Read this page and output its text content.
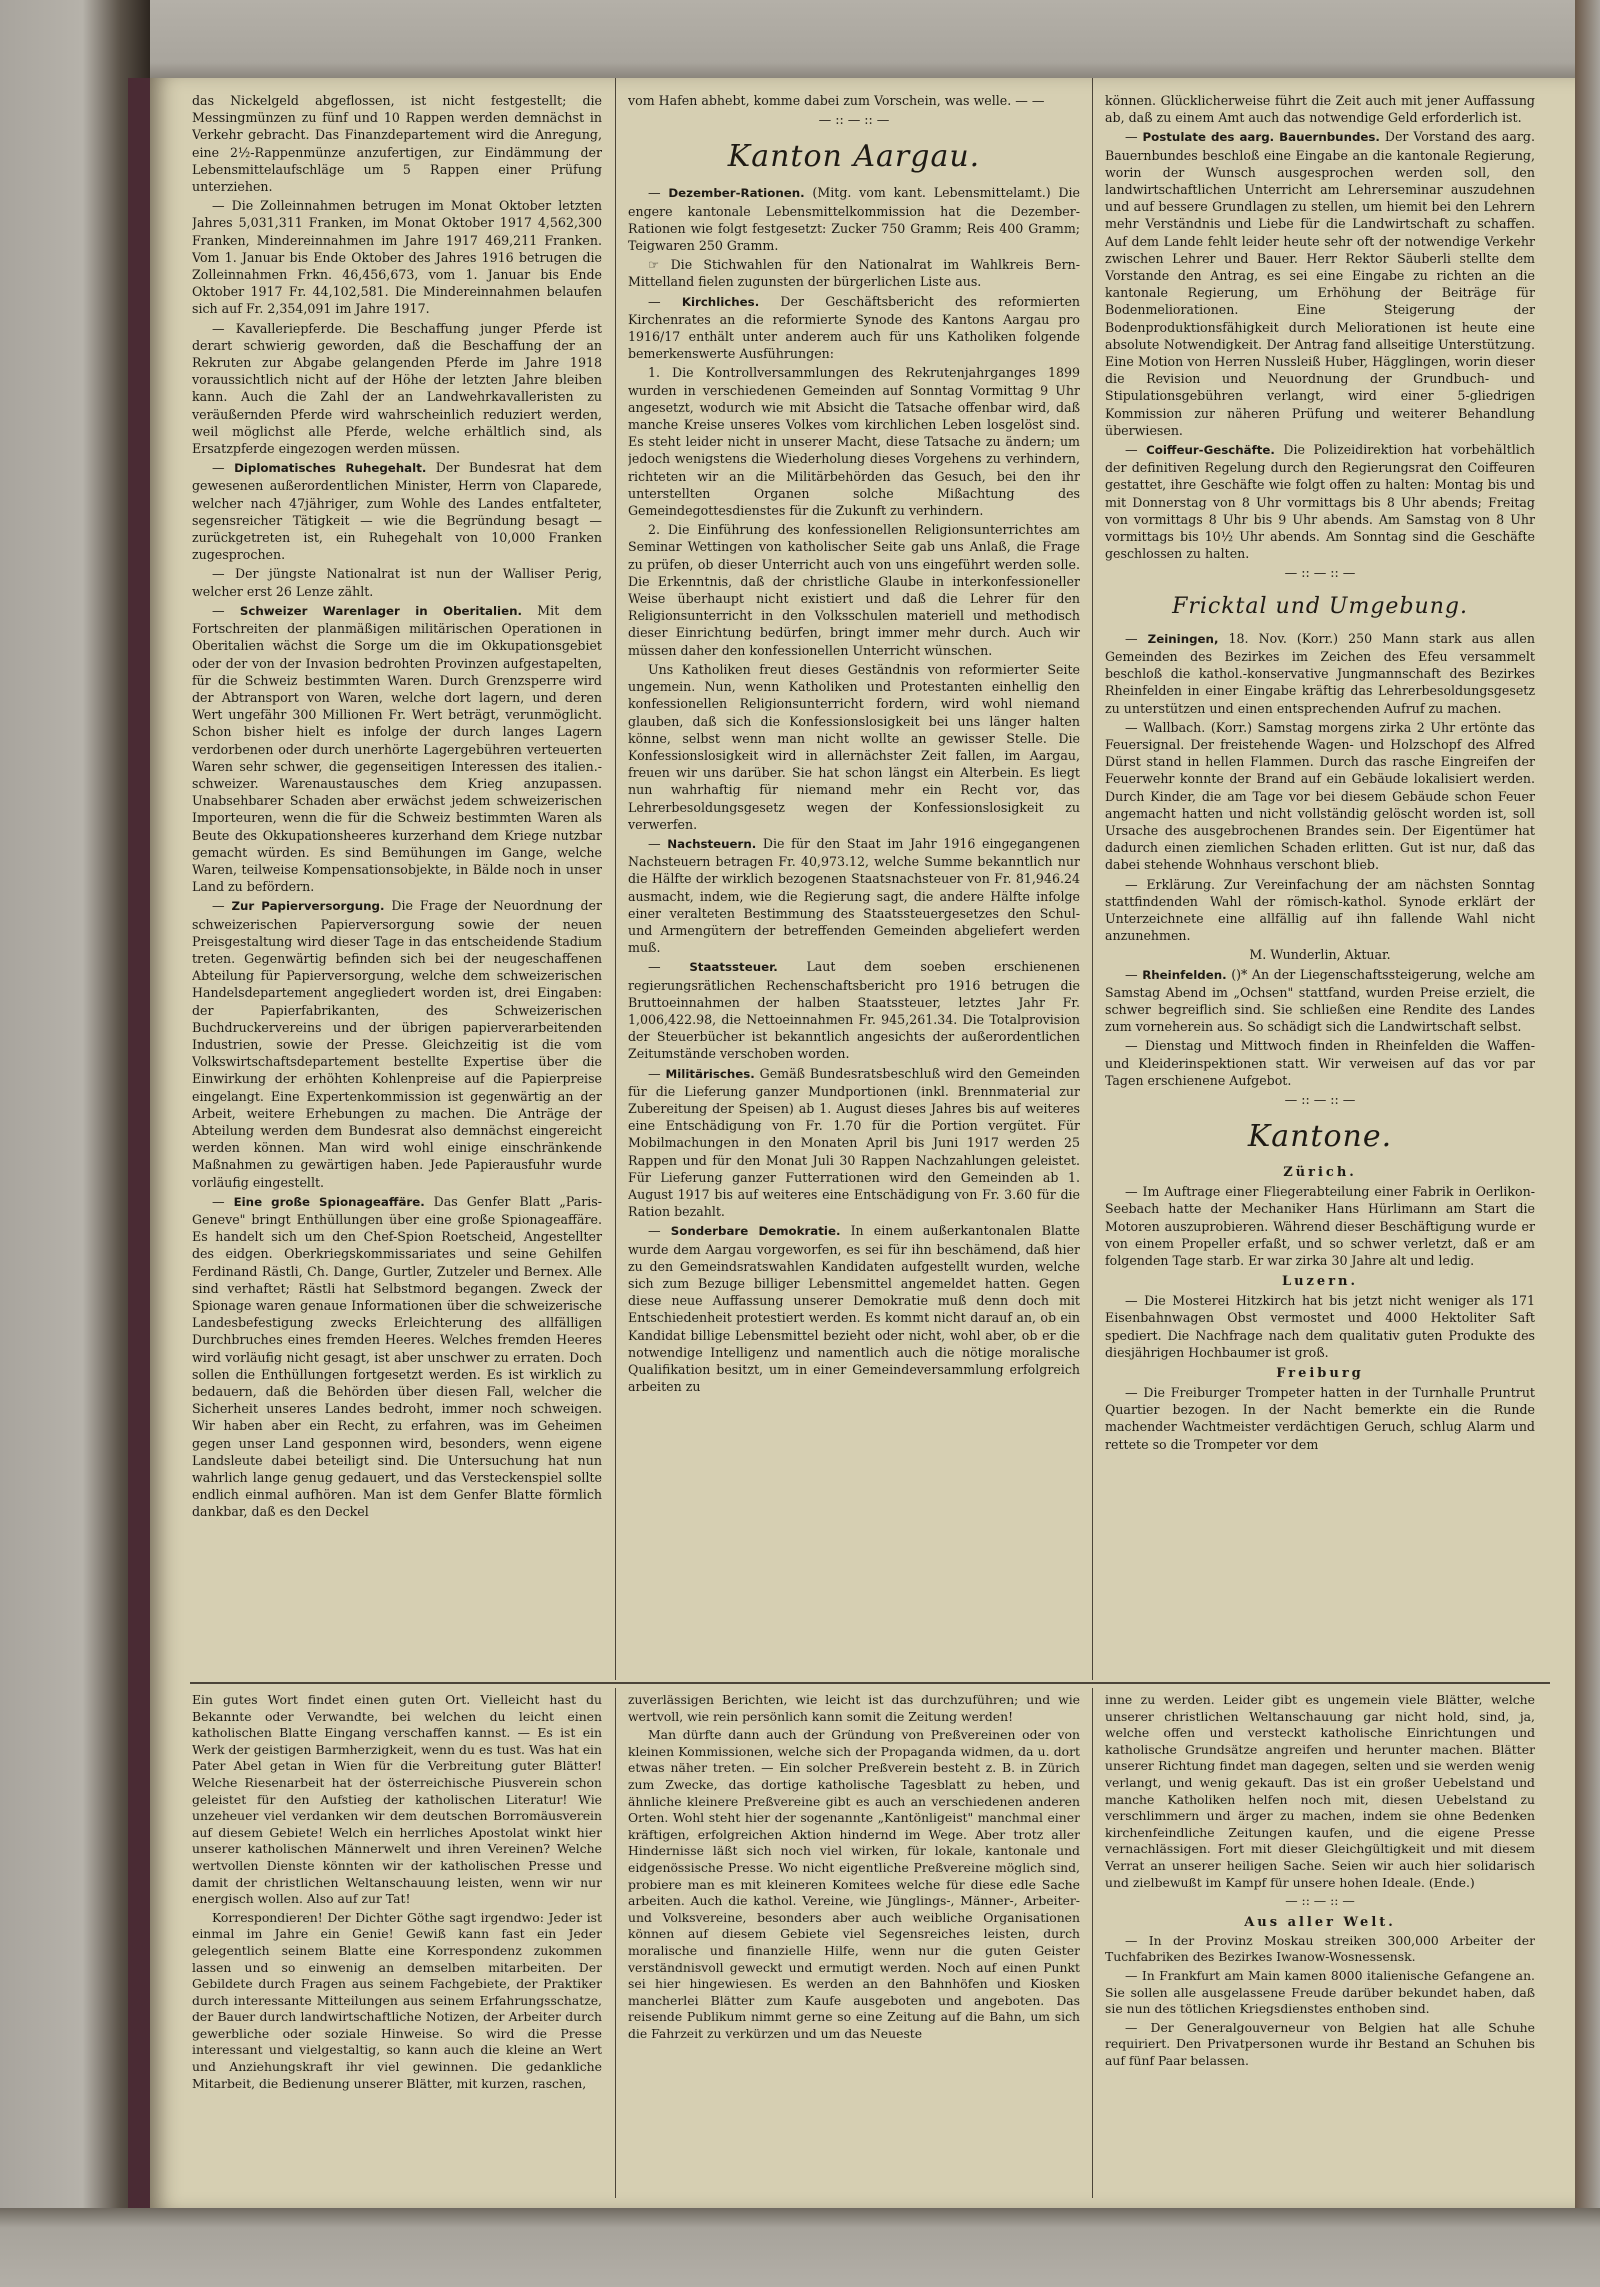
das Nickelgeld abgeflossen, ist nicht festgestellt; die Messingmünzen zu fünf und 10 Rappen werden demnächst in Verkehr gebracht. Das Finanzdepartement wird die Anregung, eine 2½-Rappenmünze anzufertigen, zur Eindämmung der Lebensmittelaufschläge um 5 Rappen einer Prüfung unterziehen.

— Die Zolleinnahmen betrugen im Monat Oktober letzten Jahres 5,031,311 Franken, im Monat Oktober 1917 4,562,300 Franken, Mindereinnahmen im Jahre 1917 469,211 Franken. Vom 1. Januar bis Ende Oktober des Jahres 1916 betrugen die Zolleinnahmen Frkn. 46,456,673, vom 1. Januar bis Ende Oktober 1917 Fr. 44,102,581. Die Mindereinnahmen belaufen sich auf Fr. 2,354,091 im Jahre 1917.

— Kavalleriepferde. Die Beschaffung junger Pferde ist derart schwierig geworden, daß die Beschaffung der an Rekruten zur Abgabe gelangenden Pferde im Jahre 1918 voraussichtlich nicht auf der Höhe der letzten Jahre bleiben kann. Auch die Zahl der an Landwehrkavalleristen zu veräußernden Pferde wird wahrscheinlich reduziert werden, weil möglichst alle Pferde, welche erhältlich sind, als Ersatzpferde eingezogen werden müssen.

— Diplomatisches Ruhegehalt. Der Bundesrat hat dem gewesenen außerordentlichen Minister, Herrn von Claparede, welcher nach 47jähriger, zum Wohle des Landes entfalteter, segensreicher Tätigkeit — wie die Begründung besagt — zurückgetreten ist, ein Ruhegehalt von 10,000 Franken zugesprochen.

— Der jüngste Nationalrat ist nun der Walliser Perig, welcher erst 26 Lenze zählt.

— Schweizer Warenlager in Oberitalien. Mit dem Fortschreiten der planmäßigen militärischen Operationen in Oberitalien wächst die Sorge um die im Okkupationsgebiet oder der von der Invasion bedrohten Provinzen aufgestapelten, für die Schweiz bestimmten Waren. Durch Grenzsperre wird der Abtransport von Waren, welche dort lagern, und deren Wert ungefähr 300 Millionen Fr. Wert beträgt, verunmöglicht. Schon bisher hielt es infolge der durch langes Lagern verdorbenen oder durch unerhörte Lagergebühren verteuerten Waren sehr schwer, die gegenseitigen Interessen des italien.-schweizer. Warenaustausches dem Krieg anzupassen. Unabsehbarer Schaden aber erwächst jedem schweizerischen Importeuren, wenn die für die Schweiz bestimmten Waren als Beute des Okkupationsheeres kurzerhand dem Kriege nutzbar gemacht würden. Es sind Bemühungen im Gange, welche Waren, teilweise Kompensationsobjekte, in Bälde noch in unser Land zu befördern.

— Zur Papierversorgung. Die Frage der Neuordnung der schweizerischen Papierversorgung sowie der neuen Preisgestaltung wird dieser Tage in das entscheidende Stadium treten. Gegenwärtig befinden sich bei der neugeschaffenen Abteilung für Papierversorgung, welche dem schweizerischen Handelsdepartement angegliedert worden ist, drei Eingaben: der Papierfabrikanten, des Schweizerischen Buchdruckervereins und der übrigen papierverarbeitenden Industrien, sowie der Presse. Gleichzeitig ist die vom Volkswirtschaftsdepartement bestellte Expertise über die Einwirkung der erhöhten Kohlenpreise auf die Papierpreise eingelangt. Eine Expertenkommission ist gegenwärtig an der Arbeit, weitere Erhebungen zu machen. Die Anträge der Abteilung werden dem Bundesrat also demnächst eingereicht werden können. Man wird wohl einige einschränkende Maßnahmen zu gewärtigen haben. Jede Papierausfuhr wurde vorläufig eingestellt.

— Eine große Spionageaffäre. Das Genfer Blatt „Paris-Geneve" bringt Enthüllungen über eine große Spionageaffäre. Es handelt sich um den Chef-Spion Roetscheid, Angestellter des eidgen. Oberkriegskommissariates und seine Gehilfen Ferdinand Rästli, Ch. Dange, Gurtler, Zutzeler und Bernex. Alle sind verhaftet; Rästli hat Selbstmord begangen. Zweck der Spionage waren genaue Informationen über die schweizerische Landesbefestigung zwecks Erleichterung des allfälligen Durchbruches eines fremden Heeres. Welches fremden Heeres wird vorläufig nicht gesagt, ist aber unschwer zu erraten. Doch sollen die Enthüllungen fortgesetzt werden. Es ist wirklich zu bedauern, daß die Behörden über diesen Fall, welcher die Sicherheit unseres Landes bedroht, immer noch schweigen. Wir haben aber ein Recht, zu erfahren, was im Geheimen gegen unser Land gesponnen wird, besonders, wenn eigene Landsleute dabei beteiligt sind. Die Untersuchung hat nun wahrlich lange genug gedauert, und das Versteckenspiel sollte endlich einmal aufhören. Man ist dem Genfer Blatte förmlich dankbar, daß es den Deckel

vom Hafen abhebt, komme dabei zum Vorschein, was welle. — —

— :: — :: —

Kanton Aargau.

— Dezember-Rationen. (Mitg. vom kant. Lebensmittelamt.) Die engere kantonale Lebensmittelkommission hat die Dezember-Rationen wie folgt festgesetzt: Zucker 750 Gramm; Reis 400 Gramm; Teigwaren 250 Gramm.

☞ Die Stichwahlen für den Nationalrat im Wahlkreis Bern-Mittelland fielen zugunsten der bürgerlichen Liste aus.

— Kirchliches. Der Geschäftsbericht des reformierten Kirchenrates an die reformierte Synode des Kantons Aargau pro 1916/17 enthält unter anderem auch für uns Katholiken folgende bemerkenswerte Ausführungen:

1. Die Kontrollversammlungen des Rekrutenjahrganges 1899 wurden in verschiedenen Gemeinden auf Sonntag Vormittag 9 Uhr angesetzt, wodurch wie mit Absicht die Tatsache offenbar wird, daß manche Kreise unseres Volkes vom kirchlichen Leben losgelöst sind. Es steht leider nicht in unserer Macht, diese Tatsache zu ändern; um jedoch wenigstens die Wiederholung dieses Vorgehens zu verhindern, richteten wir an die Militärbehörden das Gesuch, bei den ihr unterstellten Organen solche Mißachtung des Gemeindegottesdienstes für die Zukunft zu verhindern.

2. Die Einführung des konfessionellen Religionsunterrichtes am Seminar Wettingen von katholischer Seite gab uns Anlaß, die Frage zu prüfen, ob dieser Unterricht auch von uns eingeführt werden solle. Die Erkenntnis, daß der christliche Glaube in interkonfessioneller Weise überhaupt nicht existiert und daß die Lehrer für den Religionsunterricht in den Volksschulen materiell und methodisch dieser Einrichtung bedürfen, bringt immer mehr durch. Auch wir müssen daher den konfessionellen Unterricht wünschen.

Uns Katholiken freut dieses Geständnis von reformierter Seite ungemein. Nun, wenn Katholiken und Protestanten einhellig den konfessionellen Religionsunterricht fordern, wird wohl niemand glauben, daß sich die Konfessionslosigkeit bei uns länger halten könne, selbst wenn man nicht wollte an gewisser Stelle. Die Konfessionslosigkeit wird in allernächster Zeit fallen, im Aargau, freuen wir uns darüber. Sie hat schon längst ein Alterbein. Es liegt nun wahrhaftig für niemand mehr ein Recht vor, das Lehrerbesoldungsgesetz wegen der Konfessionslosigkeit zu verwerfen.

— Nachsteuern. Die für den Staat im Jahr 1916 eingegangenen Nachsteuern betragen Fr. 40,973.12, welche Summe bekanntlich nur die Hälfte der wirklich bezogenen Staatsnachsteuer von Fr. 81,946.24 ausmacht, indem, wie die Regierung sagt, die andere Hälfte infolge einer veralteten Bestimmung des Staatssteuergesetzes den Schul- und Armengütern der betreffenden Gemeinden abgeliefert werden muß.

— Staatssteuer. Laut dem soeben erschienenen regierungsrätlichen Rechenschaftsbericht pro 1916 betrugen die Bruttoeinnahmen der halben Staatssteuer, letztes Jahr Fr. 1,006,422.98, die Nettoeinnahmen Fr. 945,261.34. Die Totalprovision der Steuerbücher ist bekanntlich angesichts der außerordentlichen Zeitumstände verschoben worden.

— Militärisches. Gemäß Bundesratsbeschluß wird den Gemeinden für die Lieferung ganzer Mundportionen (inkl. Brennmaterial zur Zubereitung der Speisen) ab 1. August dieses Jahres bis auf weiteres eine Entschädigung von Fr. 1.70 für die Portion vergütet. Für Mobilmachungen in den Monaten April bis Juni 1917 werden 25 Rappen und für den Monat Juli 30 Rappen Nachzahlungen geleistet. Für Lieferung ganzer Futterrationen wird den Gemeinden ab 1. August 1917 bis auf weiteres eine Entschädigung von Fr. 3.60 für die Ration bezahlt.

— Sonderbare Demokratie. In einem außerkantonalen Blatte wurde dem Aargau vorgeworfen, es sei für ihn beschämend, daß hier zu den Gemeindsratswahlen Kandidaten aufgestellt wurden, welche sich zum Bezuge billiger Lebensmittel angemeldet hatten. Gegen diese neue Auffassung unserer Demokratie muß denn doch mit Entschiedenheit protestiert werden. Es kommt nicht darauf an, ob ein Kandidat billige Lebensmittel bezieht oder nicht, wohl aber, ob er die notwendige Intelligenz und namentlich auch die nötige moralische Qualifikation besitzt, um in einer Gemeindeversammlung erfolgreich arbeiten zu

können. Glücklicherweise führt die Zeit auch mit jener Auffassung ab, daß zu einem Amt auch das notwendige Geld erforderlich ist.

— Postulate des aarg. Bauernbundes. Der Vorstand des aarg. Bauernbundes beschloß eine Eingabe an die kantonale Regierung, worin der Wunsch ausgesprochen werden soll, den landwirtschaftlichen Unterricht am Lehrerseminar auszudehnen und auf bessere Grundlagen zu stellen, um hiemit bei den Lehrern mehr Verständnis und Liebe für die Landwirtschaft zu schaffen. Auf dem Lande fehlt leider heute sehr oft der notwendige Verkehr zwischen Lehrer und Bauer. Herr Rektor Säuberli stellte dem Vorstande den Antrag, es sei eine Eingabe zu richten an die kantonale Regierung, um Erhöhung der Beiträge für Bodenmeliorationen. Eine Steigerung der Bodenproduktionsfähigkeit durch Meliorationen ist heute eine absolute Notwendigkeit. Der Antrag fand allseitige Unterstützung. Eine Motion von Herren Nussleiß Huber, Hägglingen, worin dieser die Revision und Neuordnung der Grundbuch- und Stipulationsgebühren verlangt, wird einer 5-gliedrigen Kommission zur näheren Prüfung und weiterer Behandlung überwiesen.

— Coiffeur-Geschäfte. Die Polizeidirektion hat vorbehältlich der definitiven Regelung durch den Regierungsrat den Coiffeuren gestattet, ihre Geschäfte wie folgt offen zu halten: Montag bis und mit Donnerstag von 8 Uhr vormittags bis 8 Uhr abends; Freitag von vormittags 8 Uhr bis 9 Uhr abends. Am Samstag von 8 Uhr vormittags bis 10½ Uhr abends. Am Sonntag sind die Geschäfte geschlossen zu halten.

— :: — :: —

Fricktal und Umgebung.

— Zeiningen, 18. Nov. (Korr.) 250 Mann stark aus allen Gemeinden des Bezirkes im Zeichen des Efeu versammelt beschloß die kathol.-konservative Jungmannschaft des Bezirkes Rheinfelden in einer Eingabe kräftig das Lehrerbesoldungsgesetz zu unterstützen und einen entsprechenden Aufruf zu machen.

— Wallbach. (Korr.) Samstag morgens zirka 2 Uhr ertönte das Feuersignal. Der freistehende Wagen- und Holzschopf des Alfred Dürst stand in hellen Flammen. Durch das rasche Eingreifen der Feuerwehr konnte der Brand auf ein Gebäude lokalisiert werden. Durch Kinder, die am Tage vor bei diesem Gebäude schon Feuer angemacht hatten und nicht vollständig gelöscht worden ist, soll Ursache des ausgebrochenen Brandes sein. Der Eigentümer hat dadurch einen ziemlichen Schaden erlitten. Gut ist nur, daß das dabei stehende Wohnhaus verschont blieb.

— Erklärung. Zur Vereinfachung der am nächsten Sonntag stattfindenden Wahl der römisch-kathol. Synode erklärt der Unterzeichnete eine allfällig auf ihn fallende Wahl nicht anzunehmen.

M. Wunderlin, Aktuar.

— Rheinfelden. ()* An der Liegenschaftssteigerung, welche am Samstag Abend im „Ochsen" stattfand, wurden Preise erzielt, die schwer begreiflich sind. Sie schließen eine Rendite des Landes zum vorneherein aus. So schädigt sich die Landwirtschaft selbst.

— Dienstag und Mittwoch finden in Rheinfelden die Waffen- und Kleiderinspektionen statt. Wir verweisen auf das vor par Tagen erschienene Aufgebot.

— :: — :: —

Kantone.
Zürich.

— Im Auftrage einer Fliegerabteilung einer Fabrik in Oerlikon-Seebach hatte der Mechaniker Hans Hürlimann am Start die Motoren auszuprobieren. Während dieser Beschäftigung wurde er von einem Propeller erfaßt, und so schwer verletzt, daß er am folgenden Tage starb. Er war zirka 30 Jahre alt und ledig.

Luzern.

— Die Mosterei Hitzkirch hat bis jetzt nicht weniger als 171 Eisenbahnwagen Obst vermostet und 4000 Hektoliter Saft spediert. Die Nachfrage nach dem qualitativ guten Produkte des diesjährigen Hochbaumer ist groß.

Freiburg

— Die Freiburger Trompeter hatten in der Turnhalle Pruntrut Quartier bezogen. In der Nacht bemerkte ein die Runde machender Wachtmeister verdächtigen Geruch, schlug Alarm und rettete so die Trompeter vor dem

Ein gutes Wort findet einen guten Ort. Vielleicht hast du Bekannte oder Verwandte, bei welchen du leicht einen katholischen Blatte Eingang verschaffen kannst. — Es ist ein Werk der geistigen Barmherzigkeit, wenn du es tust. Was hat ein Pater Abel getan in Wien für die Verbreitung guter Blätter! Welche Riesenarbeit hat der österreichische Piusverein schon geleistet für den Aufstieg der katholischen Literatur! Wie unzeheuer viel verdanken wir dem deutschen Borromäusverein auf diesem Gebiete! Welch ein herrliches Apostolat winkt hier unserer katholischen Männerwelt und ihren Vereinen? Welche wertvollen Dienste könnten wir der katholischen Presse und damit der christlichen Weltanschauung leisten, wenn wir nur energisch wollen. Also auf zur Tat!

Korrespondieren! Der Dichter Göthe sagt irgendwo: Jeder ist einmal im Jahre ein Genie! Gewiß kann fast ein Jeder gelegentlich seinem Blatte eine Korrespondenz zukommen lassen und so einwenig an demselben mitarbeiten. Der Gebildete durch Fragen aus seinem Fachgebiete, der Praktiker durch interessante Mitteilungen aus seinem Erfahrungsschatze, der Bauer durch landwirtschaftliche Notizen, der Arbeiter durch gewerbliche oder soziale Hinweise. So wird die Presse interessant und vielgestaltig, so kann auch die kleine an Wert und Anziehungskraft ihr viel gewinnen. Die gedankliche Mitarbeit, die Bedienung unserer Blätter, mit kurzen, raschen,

zuverlässigen Berichten, wie leicht ist das durchzuführen; und wie wertvoll, wie rein persönlich kann somit die Zeitung werden!

Man dürfte dann auch der Gründung von Preßvereinen oder von kleinen Kommissionen, welche sich der Propaganda widmen, da u. dort etwas näher treten. — Ein solcher Preßverein besteht z. B. in Zürich zum Zwecke, das dortige katholische Tagesblatt zu heben, und ähnliche kleinere Preßvereine gibt es auch an verschiedenen anderen Orten. Wohl steht hier der sogenannte „Kantönligeist" manchmal einer kräftigen, erfolgreichen Aktion hindernd im Wege. Aber trotz aller Hindernisse läßt sich noch viel wirken, für lokale, kantonale und eidgenössische Presse. Wo nicht eigentliche Preßvereine möglich sind, probiere man es mit kleineren Komitees welche für diese edle Sache arbeiten. Auch die kathol. Vereine, wie Jünglings-, Männer-, Arbeiter- und Volksvereine, besonders aber auch weibliche Organisationen können auf diesem Gebiete viel Segensreiches leisten, durch moralische und finanzielle Hilfe, wenn nur die guten Geister verständnisvoll geweckt und ermutigt werden. Noch auf einen Punkt sei hier hingewiesen. Es werden an den Bahnhöfen und Kiosken mancherlei Blätter zum Kaufe ausgeboten und angeboten. Das reisende Publikum nimmt gerne so eine Zeitung auf die Bahn, um sich die Fahrzeit zu verkürzen und um das Neueste

inne zu werden. Leider gibt es ungemein viele Blätter, welche unserer christlichen Weltanschauung gar nicht hold, sind, ja, welche offen und versteckt katholische Einrichtungen und katholische Grundsätze angreifen und herunter machen. Blätter unserer Richtung findet man dagegen, selten und sie werden wenig verlangt, und wenig gekauft. Das ist ein großer Uebelstand und manche Katholiken helfen noch mit, diesen Uebelstand zu verschlimmern und ärger zu machen, indem sie ohne Bedenken kirchenfeindliche Zeitungen kaufen, und die eigene Presse vernachlässigen. Fort mit dieser Gleichgültigkeit und mit diesem Verrat an unserer heiligen Sache. Seien wir auch hier solidarisch und zielbewußt im Kampf für unsere hohen Ideale. (Ende.)

— :: — :: —

Aus aller Welt.

— In der Provinz Moskau streiken 300,000 Arbeiter der Tuchfabriken des Bezirkes Iwanow-Wosnessensk.

— In Frankfurt am Main kamen 8000 italienische Gefangene an. Sie sollen alle ausgelassene Freude darüber bekundet haben, daß sie nun des tötlichen Kriegsdienstes enthoben sind.

— Der Generalgouverneur von Belgien hat alle Schuhe requiriert. Den Privatpersonen wurde ihr Bestand an Schuhen bis auf fünf Paar belassen.
